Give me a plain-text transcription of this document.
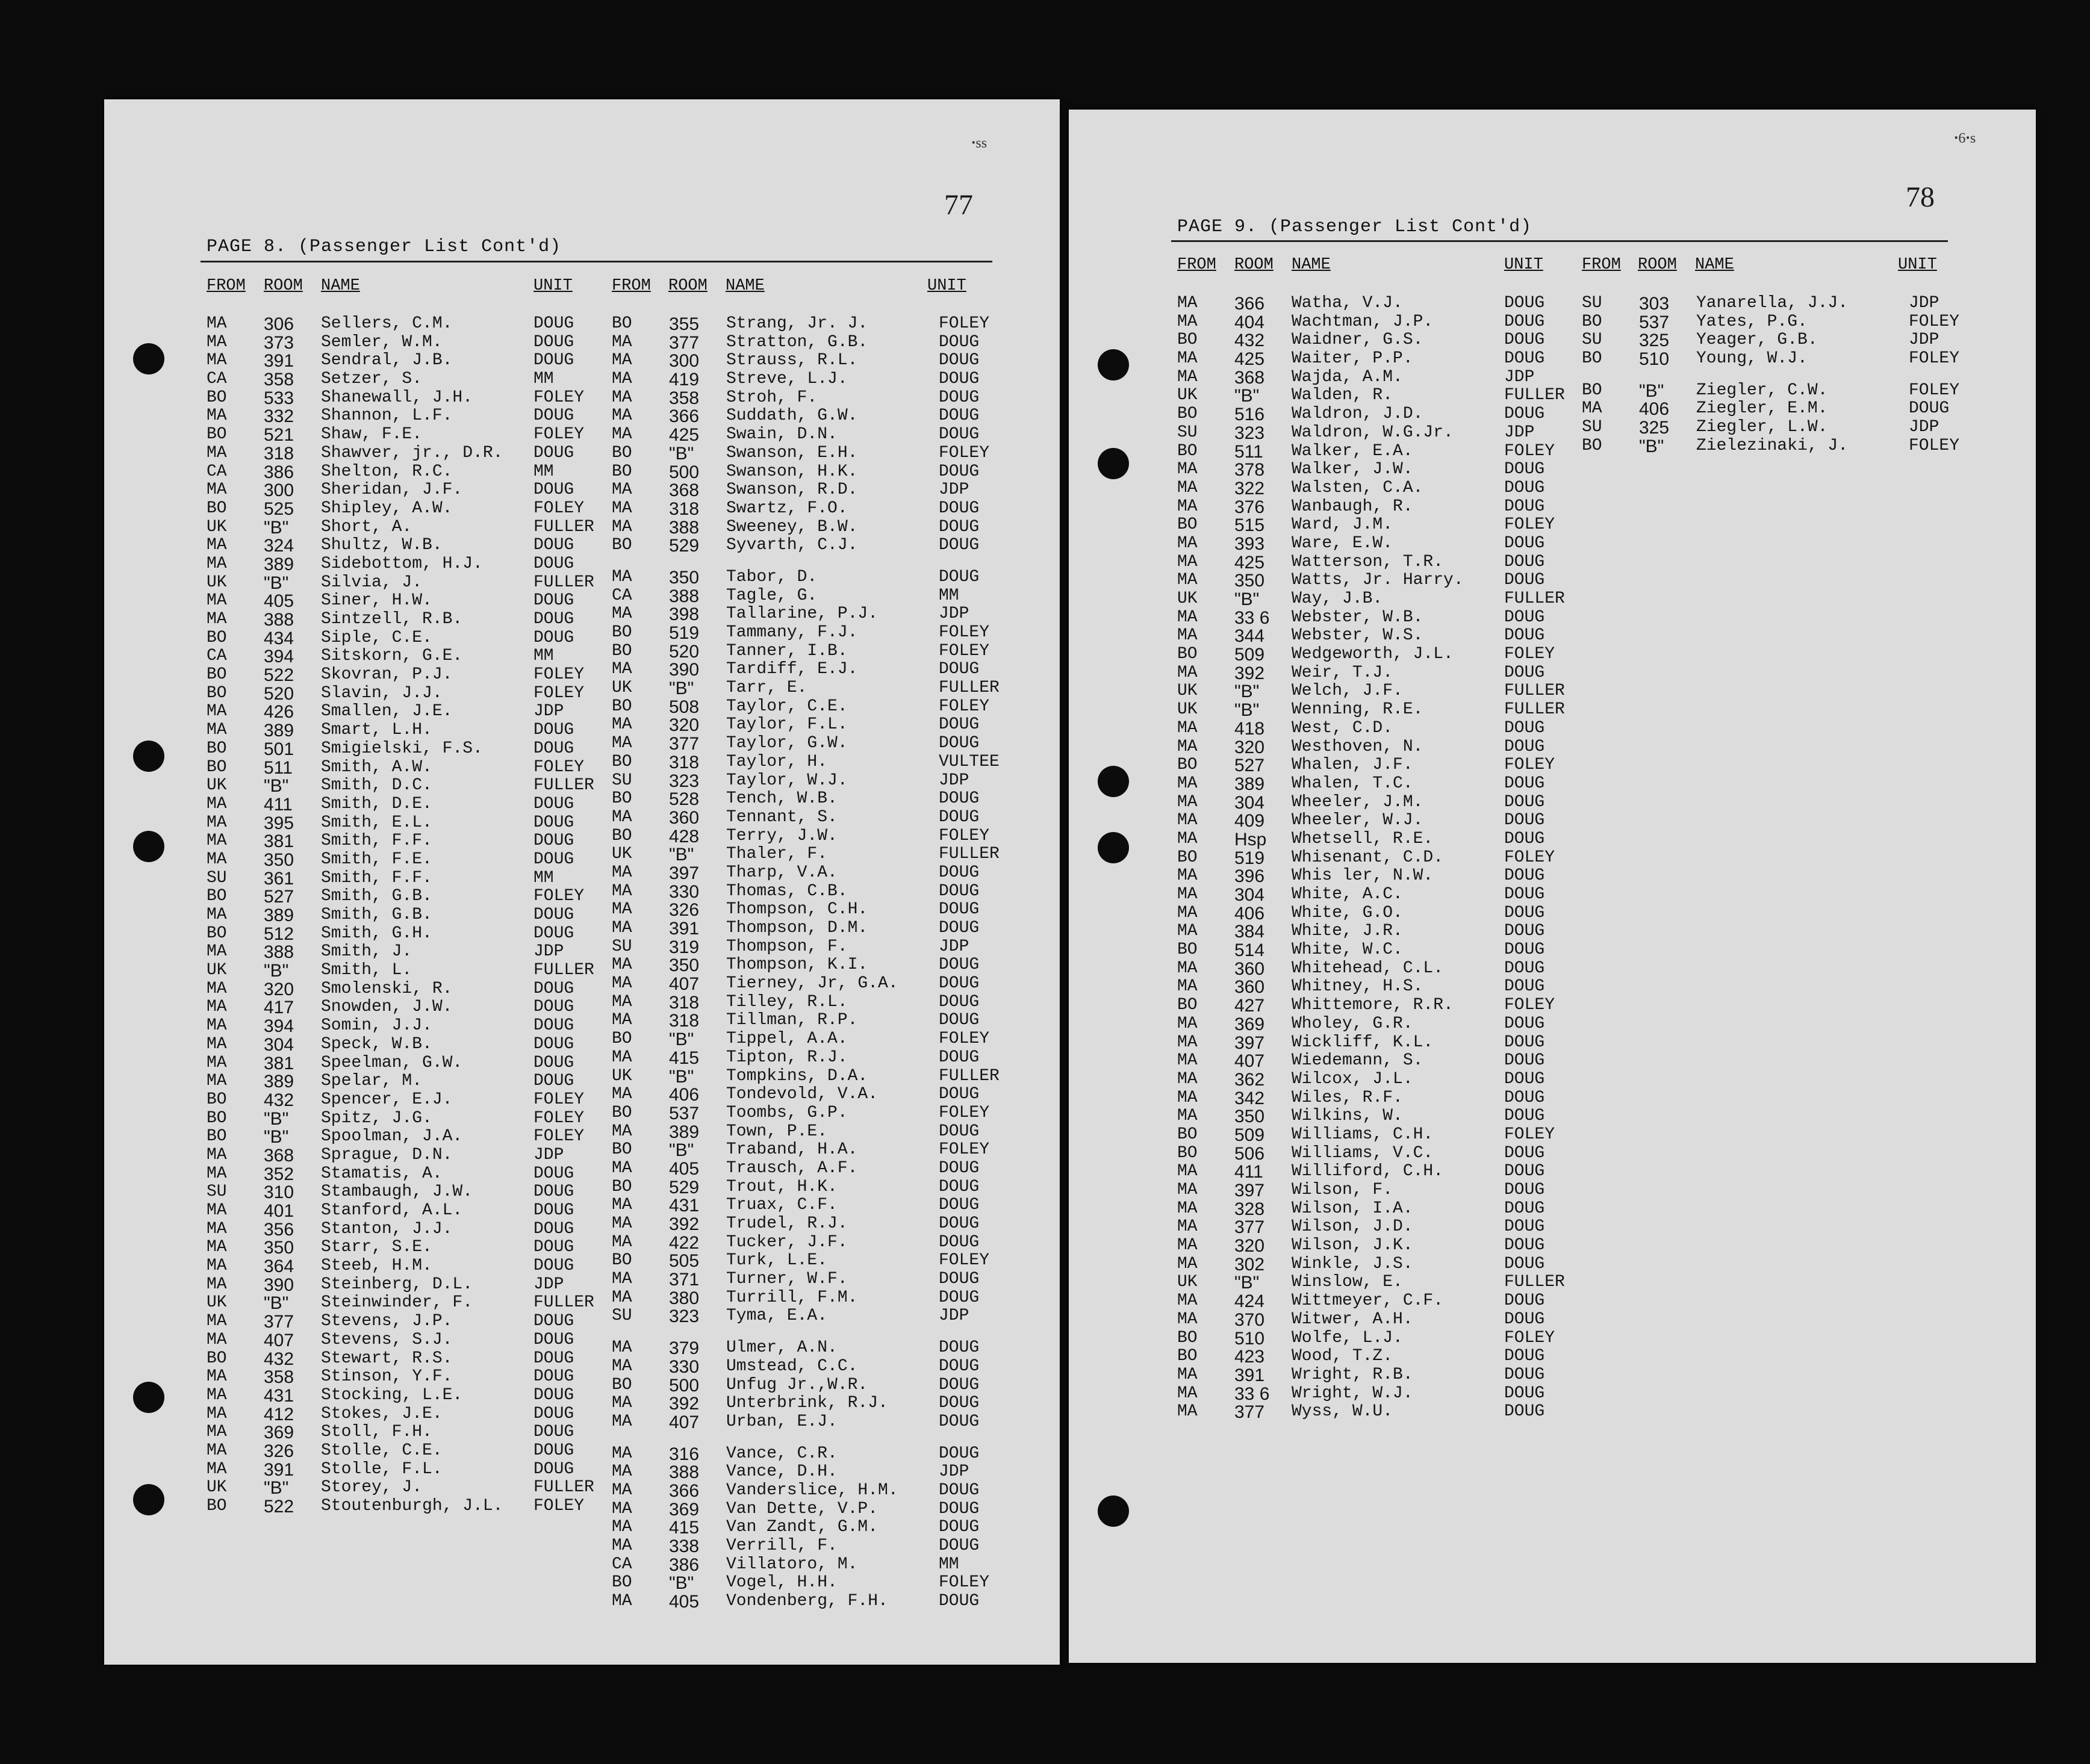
ꞏss
77
PAGE 8. (Passenger List Cont'd)
FROM ROOM NAME	UNIT FROM ROOM NAME	UNIT
MA 306 Sellers, C.M.	DOUG
MA 373 Semler, W.M.	DOUG
MA 391 Sendral, J.B.	DOUG
CA 358 Setzer, S.	MM
BO 533 Shanewall, J.H.	FOLEY
MA 332 Shannon, L.F.	DOUG
BO 521 Shaw, F.E.	FOLEY
MA 318 Shawver, jr., D.R. DOUG
CA 386 Shelton, R.C.	MM
MA 300 Sheridan, J.F.	DOUG
BO 525 Shipley, A.W.	FOLEY
UK "B" Short, A.	FULLER
MA 324 Shultz, W.B.	DOUG
MA 389 Sidebottom, H.J.	DOUG
UK "B" Silvia, J.	FULLER
MA 405 Siner, H.W.	DOUG
MA 388 Sintzell, R.B.	DOUG
BO 434 Siple, C.E.	DOUG
CA 394 Sitskorn, G.E.	MM
BO 522 Skovran, P.J.	FOLEY
BO 520 Slavin, J.J.	FOLEY
MA 426 Smallen, J.E.	JDP
MA 389 Smart, L.H.	DOUG
BO 501 Smigielski, F.S.	DOUG
BO 511 Smith, A.W.	FOLEY
UK "B" Smith, D.C.	FULLER
MA 411 Smith, D.E.	DOUG
MA 395 Smith, E.L.	DOUG
MA 381 Smith, F.F.	DOUG
MA 350 Smith, F.E.	DOUG
SU 361 Smith, F.F.	MM
BO 527 Smith, G.B.	FOLEY
MA 389 Smith, G.B.	DOUG
BO 512 Smith, G.H.	DOUG
MA 388 Smith, J.	JDP
UK "B" Smith, L.	FULLER
MA 320 Smolenski, R.	DOUG
MA 417 Snowden, J.W.	DOUG
MA 394 Somin, J.J.	DOUG
MA 304 Speck, W.B.	DOUG
MA 381 Speelman, G.W.	DOUG
MA 389 Spelar, M.	DOUG
BO 432 Spencer, E.J.	FOLEY
BO "B" Spitz, J.G.	FOLEY
BO "B" Spoolman, J.A.	FOLEY
MA 368 Sprague, D.N.	JDP
MA 352 Stamatis, A.	DOUG
SU 310 Stambaugh, J.W.	DOUG
MA 401 Stanford, A.L.	DOUG
MA 356 Stanton, J.J.	DOUG
MA 350 Starr, S.E.	DOUG
MA 364 Steeb, H.M.	DOUG
MA 390 Steinberg, D.L.	JDP
UK "B" Steinwinder, F.	FULLER
MA 377 Stevens, J.P.	DOUG
MA 407 Stevens, S.J.	DOUG
BO 432 Stewart, R.S.	DOUG
MA 358 Stinson, Y.F.	DOUG
MA 431 Stocking, L.E.	DOUG
MA 412 Stokes, J.E.	DOUG
MA 369 Stoll, F.H.	DOUG
MA 326 Stolle, C.E.	DOUG
MA 391 Stolle, F.L.	DOUG
UK "B" Storey, J.	FULLER
BO 522 Stoutenburgh, J.L. FOLEY
BO 355 Strang, Jr. J.	FOLEY
MA 377 Stratton, G.B.	DOUG
MA 300 Strauss, R.L.	DOUG
MA 419 Streve, L.J.	DOUG
MA 358 Stroh, F.	DOUG
MA 366 Suddath, G.W.	DOUG
MA 425 Swain, D.N.	DOUG
BO "B" Swanson, E.H.	FOLEY
BO 500 Swanson, H.K.	DOUG
MA 368 Swanson, R.D.	JDP
MA 318 Swartz, F.O.	DOUG
MA 388 Sweeney, B.W.	DOUG
BO 529 Syvarth, C.J.	DOUG
MA 350 Tabor, D.	DOUG
CA 388 Tagle, G.	MM
MA 398 Tallarine, P.J.	JDP
BO 519 Tammany, F.J.	FOLEY
BO 520 Tanner, I.B.	FOLEY
MA 390 Tardiff, E.J.	DOUG
UK "B" Tarr, E.	FULLER
BO 508 Taylor, C.E.	FOLEY
MA 320 Taylor, F.L.	DOUG
MA 377 Taylor, G.W.	DOUG
BO 318 Taylor, H.	VULTEE
SU 323 Taylor, W.J.	JDP
BO 528 Tench, W.B.	DOUG
MA 360 Tennant, S.	DOUG
BO 428 Terry, J.W.	FOLEY
UK "B" Thaler, F.	FULLER
MA 397 Tharp, V.A.	DOUG
MA 330 Thomas, C.B.	DOUG
MA 326 Thompson, C.H.	DOUG
MA 391 Thompson, D.M.	DOUG
SU 319 Thompson, F.	JDP
MA 350 Thompson, K.I.	DOUG
MA 407 Tierney, Jr, G.A. DOUG
MA 318 Tilley, R.L.	DOUG
MA 318 Tillman, R.P.	DOUG
BO "B" Tippel, A.A.	FOLEY
MA 415 Tipton, R.J.	DOUG
UK "B" Tompkins, D.A.	FULLER
MA 406 Tondevold, V.A.	DOUG
BO 537 Toombs, G.P.	FOLEY
MA 389 Town, P.E.	DOUG
BO "B" Traband, H.A.	FOLEY
MA 405 Trausch, A.F.	DOUG
BO 529 Trout, H.K.	DOUG
MA 431 Truax, C.F.	DOUG
MA 392 Trudel, R.J.	DOUG
MA 422 Tucker, J.F.	DOUG
BO 505 Turk, L.E.	FOLEY
MA 371 Turner, W.F.	DOUG
MA 380 Turrill, F.M.	DOUG
SU 323 Tyma, E.A.	JDP
MA 379 Ulmer, A.N.	DOUG
MA 330 Umstead, C.C.	DOUG
BO 500 Unfug Jr.,W.R.	DOUG
MA 392 Unterbrink, R.J.	DOUG
MA 407 Urban, E.J.	DOUG
MA 316 Vance, C.R.	DOUG
MA 388 Vance, D.H.	JDP
MA 366 Vanderslice, H.M. DOUG
MA 369 Van Dette, V.P.	DOUG
MA 415 Van Zandt, G.M.	DOUG
MA 338 Verrill, F.	DOUG
CA 386 Villatoro, M.	MM
BO "B" Vogel, H.H.	FOLEY
MA 405 Vondenberg, F.H.	DOUG
ꞏ6ꞏs
78
PAGE 9. (Passenger List Cont'd)
FROM ROOM NAME	UNIT FROM ROOM NAME	UNIT
MA 366 Watha, V.J.	DOUG
MA 404 Wachtman, J.P.	DOUG
BO 432 Waidner, G.S.	DOUG
MA 425 Waiter, P.P.	DOUG
MA 368 Wajda, A.M.	JDP
UK "B" Walden, R.	FULLER
BO 516 Waldron, J.D.	DOUG
SU 323 Waldron, W.G.Jr.	JDP
BO 511 Walker, E.A.	FOLEY
MA 378 Walker, J.W.	DOUG
MA 322 Walsten, C.A.	DOUG
MA 376 Wanbaugh, R.	DOUG
BO 515 Ward, J.M.	FOLEY
MA 393 Ware, E.W.	DOUG
MA 425 Watterson, T.R.	DOUG
MA 350 Watts, Jr. Harry. DOUG
UK "B" Way, J.B.	FULLER
MA 33 6 Webster, W.B.	DOUG
MA 344 Webster, W.S.	DOUG
BO 509 Wedgeworth, J.L.	FOLEY
MA 392 Weir, T.J.	DOUG
UK "B" Welch, J.F.	FULLER
UK "B" Wenning, R.E.	FULLER
MA 418 West, C.D.	DOUG
MA 320 Westhoven, N.	DOUG
BO 527 Whalen, J.F.	FOLEY
MA 389 Whalen, T.C.	DOUG
MA 304 Wheeler, J.M.	DOUG
MA 409 Wheeler, W.J.	DOUG
MA Hsp Whetsell, R.E.	DOUG
BO 519 Whisenant, C.D.	FOLEY
MA 396 Whis ler, N.W.	DOUG
MA 304 White, A.C.	DOUG
MA 406 White, G.O.	DOUG
MA 384 White, J.R.	DOUG
BO 514 White, W.C.	DOUG
MA 360 Whitehead, C.L.	DOUG
MA 360 Whitney, H.S.	DOUG
BO 427 Whittemore, R.R.	FOLEY
MA 369 Wholey, G.R.	DOUG
MA 397 Wickliff, K.L.	DOUG
MA 407 Wiedemann, S.	DOUG
MA 362 Wilcox, J.L.	DOUG
MA 342 Wiles, R.F.	DOUG
MA 350 Wilkins, W.	DOUG
BO 509 Williams, C.H.	FOLEY
BO 506 Williams, V.C.	DOUG
MA 411 Williford, C.H.	DOUG
MA 397 Wilson, F.	DOUG
MA 328 Wilson, I.A.	DOUG
MA 377 Wilson, J.D.	DOUG
MA 320 Wilson, J.K.	DOUG
MA 302 Winkle, J.S.	DOUG
UK "B" Winslow, E.	FULLER
MA 424 Wittmeyer, C.F.	DOUG
MA 370 Witwer, A.H.	DOUG
BO 510 Wolfe, L.J.	FOLEY
BO 423 Wood, T.Z.	DOUG
MA 391 Wright, R.B.	DOUG
MA 33 6 Wright, W.J.	DOUG
MA 377 Wyss, W.U.	DOUG
SU 303 Yanarella, J.J.	JDP
BO 537 Yates, P.G.	FOLEY
SU 325 Yeager, G.B.	JDP
BO 510 Young, W.J.	FOLEY
BO "B" Ziegler, C.W.	FOLEY
MA 406 Ziegler, E.M.	DOUG
SU 325 Ziegler, L.W.	JDP
BO "B" Zielezinaki, J.	FOLEY
